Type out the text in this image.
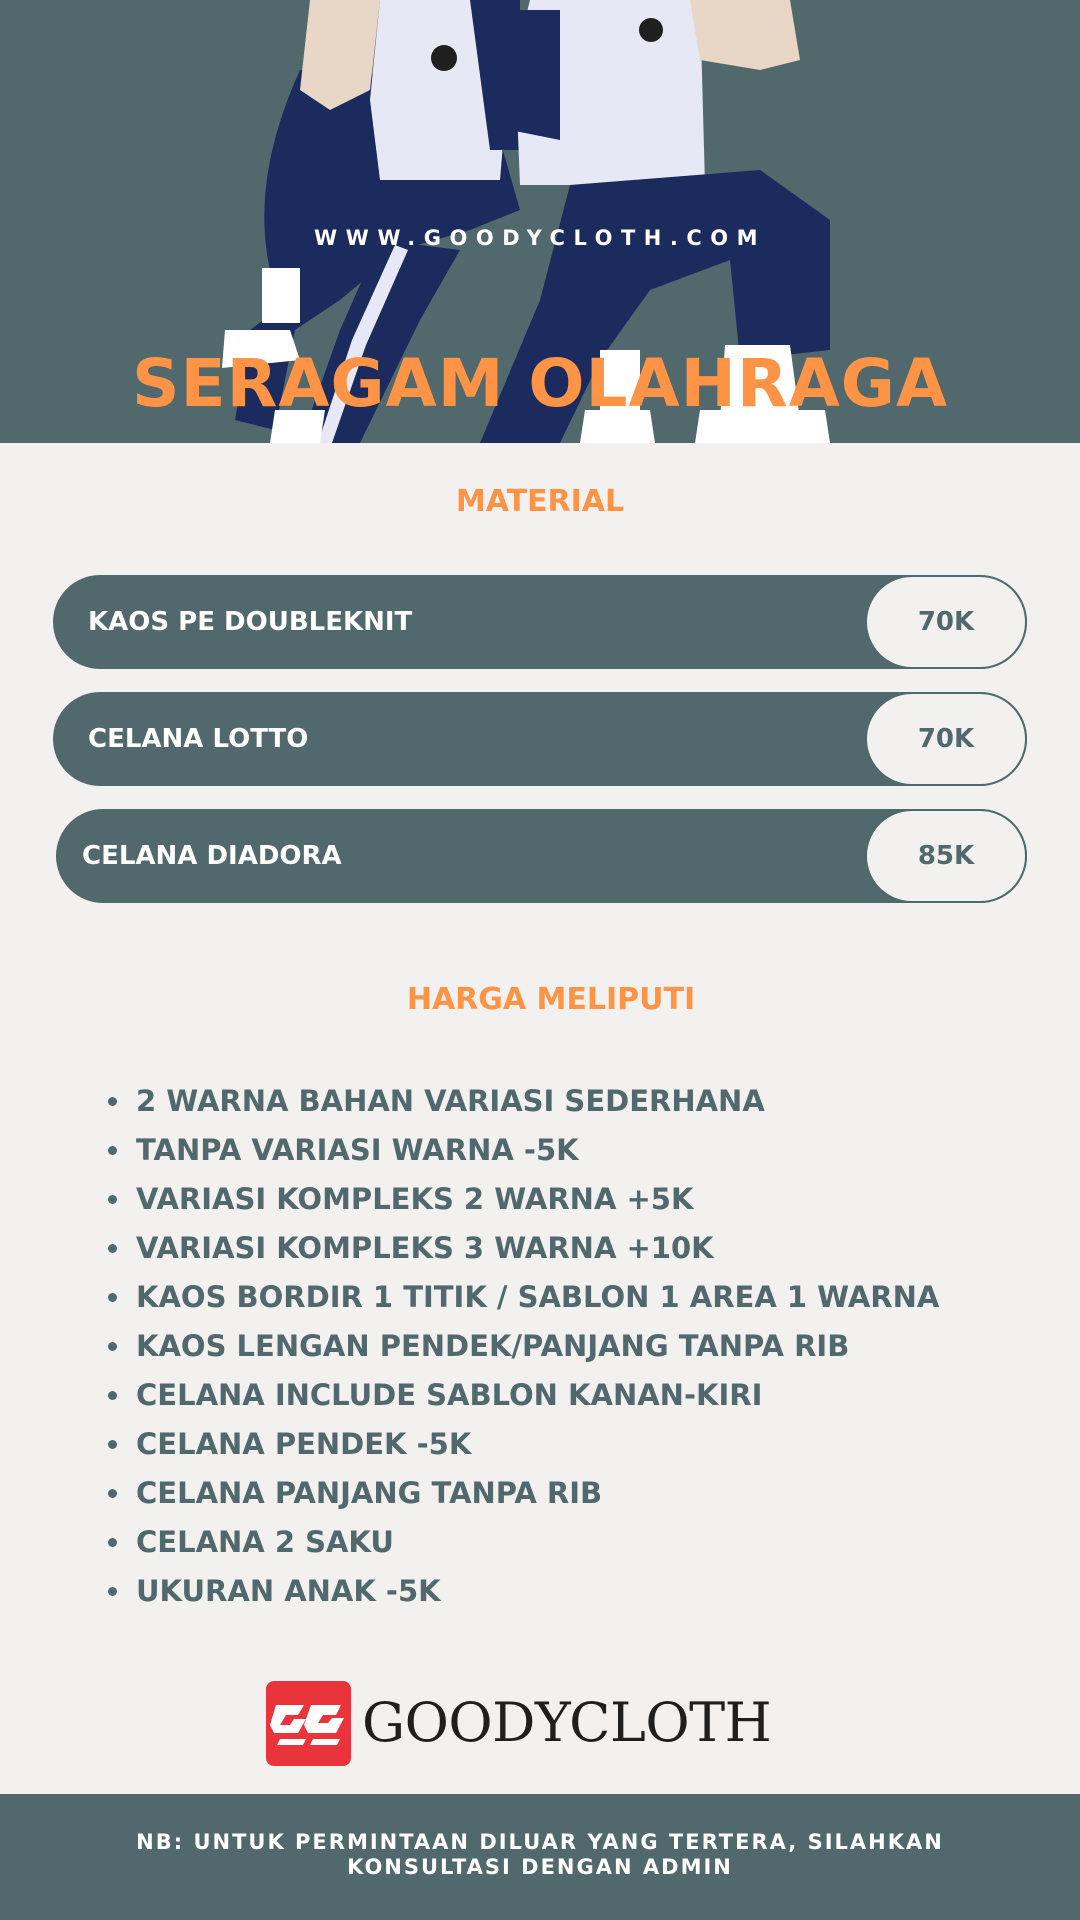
WWW.GOODYCLOTH.COM
SERAGAM OLAHRAGA
MATERIAL
KAOS PE DOUBLEKNIT	70K
CELANA LOTTO	70K
CELANA DIADORA	85K
HARGA MELIPUTI
2 WARNA BAHAN VARIASI SEDERHANA
TANPA VARIASI WARNA -5K
VARIASI KOMPLEKS 2 WARNA +5K
VARIASI KOMPLEKS 3 WARNA +10K
KAOS BORDIR 1 TITIK / SABLON 1 AREA 1 WARNA
KAOS LENGAN PENDEK/PANJANG TANPA RIB
CELANA INCLUDE SABLON KANAN-KIRI
CELANA PENDEK -5K
CELANA PANJANG TANPA RIB
CELANA 2 SAKU
UKURAN ANAK -5K
GOODYCLOTH
NB: UNTUK PERMINTAAN DILUAR YANG TERTERA, SILAHKAN KONSULTASI DENGAN ADMIN
